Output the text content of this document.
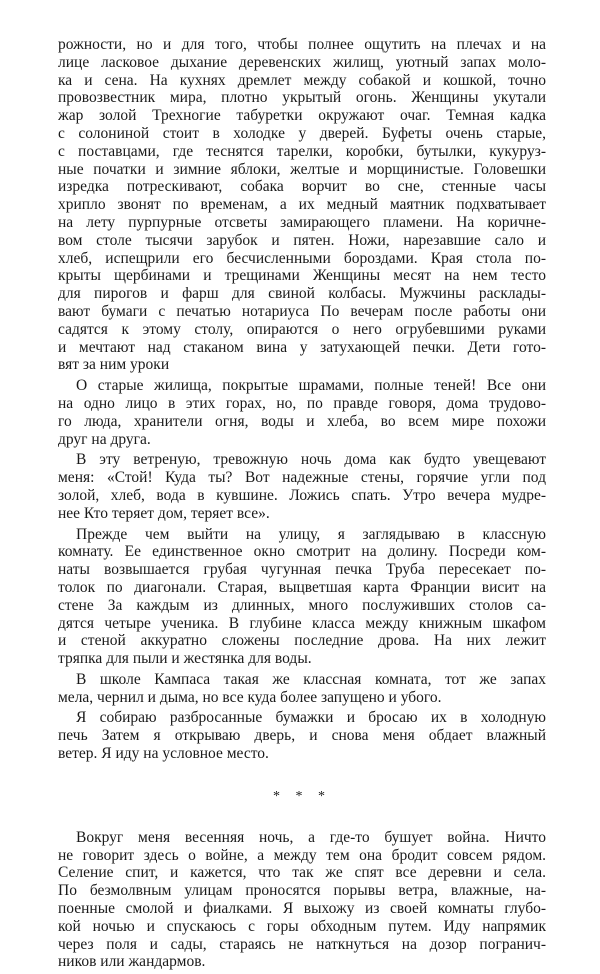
рожности, но и для того, чтобы полнее ощутить на плечах и на
лице ласковое дыхание деревенских жилищ, уютный запах моло-
ка и сена. На кухнях дремлет между собакой и кошкой, точно
провозвестник мира, плотно укрытый огонь. Женщины укутали
жар золой Трехногие табуретки окружают очаг. Темная кадка
с солониной стоит в холодке у дверей. Буфеты очень старые,
с поставцами, где теснятся тарелки, коробки, бутылки, кукуруз-
ные початки и зимние яблоки, желтые и морщинистые. Головешки
изредка потрескивают, собака ворчит во сне, стенные часы
хрипло звонят по временам, а их медный маятник подхватывает
на лету пурпурные отсветы замирающего пламени. На коричне-
вом столе тысячи зарубок и пятен. Ножи, нарезавшие сало и
хлеб, испещрили его бесчисленными бороздами. Края стола по-
крыты щербинами и трещинами Женщины месят на нем тесто
для пирогов и фарш для свиной колбасы. Мужчины расклады-
вают бумаги с печатью нотариуса По вечерам после работы они
садятся к этому столу, опираются о него огрубевшими руками
и мечтают над стаканом вина у затухающей печки. Дети гото-
вят за ним уроки
О старые жилища, покрытые шрамами, полные теней! Все они
на одно лицо в этих горах, но, по правде говоря, дома трудово-
го люда, хранители огня, воды и хлеба, во всем мире похожи
друг на друга.
В эту ветреную, тревожную ночь дома как будто увещевают
меня: «Стой! Куда ты? Вот надежные стены, горячие угли под
золой, хлеб, вода в кувшине. Ложись спать. Утро вечера мудре-
нее Кто теряет дом, теряет все».
Прежде чем выйти на улицу, я заглядываю в классную
комнату. Ее единственное окно смотрит на долину. Посреди ком-
наты возвышается грубая чугунная печка Труба пересекает по-
толок по диагонали. Старая, выцветшая карта Франции висит на
стене За каждым из длинных, много послуживших столов са-
дятся четыре ученика. В глубине класса между книжным шкафом
и стеной аккуратно сложены последние дрова. На них лежит
тряпка для пыли и жестянка для воды.
В школе Кампаса такая же классная комната, тот же запах
мела, чернил и дыма, но все куда более запущено и убого.
Я собираю разбросанные бумажки и бросаю их в холодную
печь Затем я открываю дверь, и снова меня обдает влажный
ветер. Я иду на условное место.
* * *
Вокруг меня весенняя ночь, а где-то бушует война. Ничто
не говорит здесь о войне, а между тем она бродит совсем рядом.
Селение спит, и кажется, что так же спят все деревни и села.
По безмолвным улицам проносятся порывы ветра, влажные, на-
поенные смолой и фиалками. Я выхожу из своей комнаты глубо-
кой ночью и спускаюсь с горы обходным путем. Иду напрямик
через поля и сады, стараясь не наткнуться на дозор погранич-
ников или жандармов.
